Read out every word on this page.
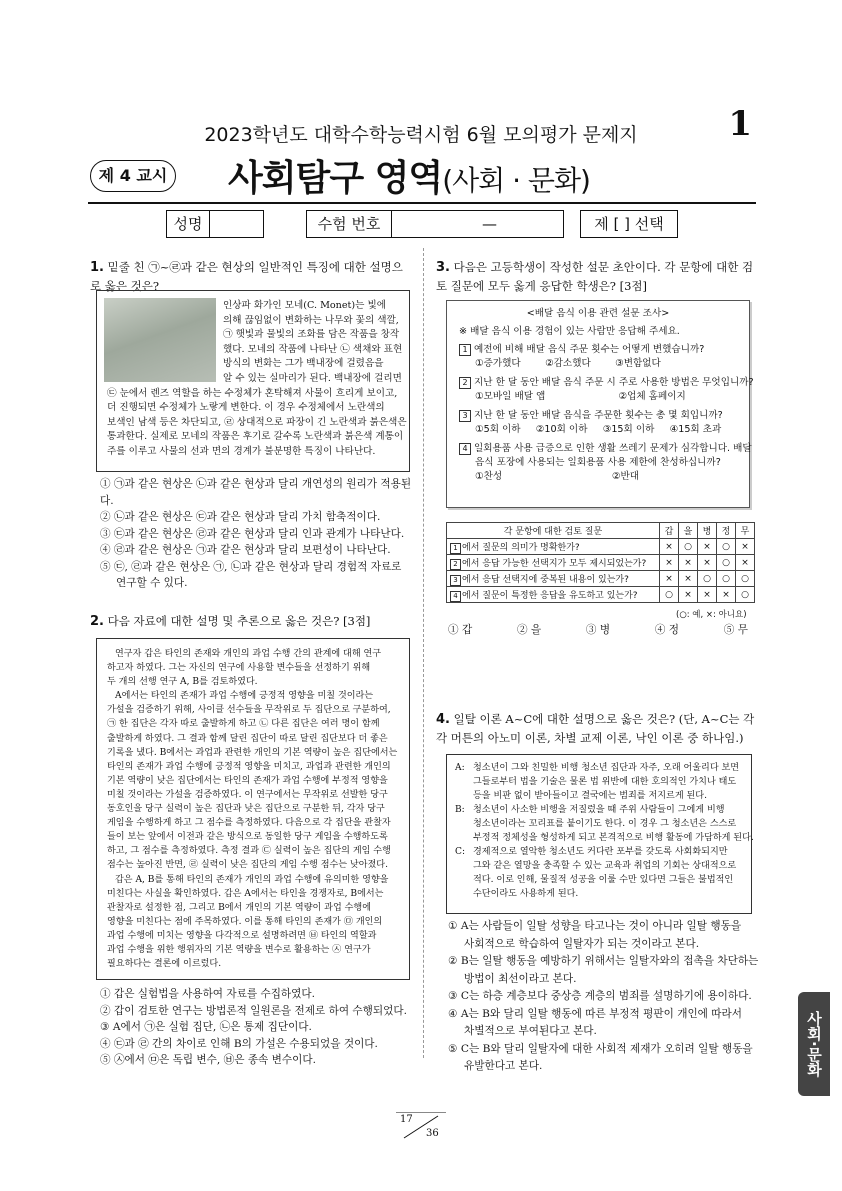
2023학년도 대학수학능력시험 6월 모의평가 문제지	1
제 4 교시 사회탐구 영역(사회 · 문화)
성명	수험 번호	—	제 [ ] 선택
1. 밑줄 친 ㉠~㉣과 같은 현상의 일반적인 특징에 대한 설명으로 옳은 것은?
인상파 화가인 모네(C. Monet)는 빛에
의해 끊임없이 변화하는 나무와 꽃의 색깔,
㉠ 햇빛과 물빛의 조화를 담은 작품을 창작
했다. 모네의 작품에 나타난 ㉡ 색채와 표현
방식의 변화는 그가 백내장에 걸렸음을
알 수 있는 실마리가 된다. 백내장에 걸리면
㉢ 눈에서 렌즈 역할을 하는 수정체가 혼탁해져 사물이 흐리게 보이고,
더 진행되면 수정체가 노랗게 변한다. 이 경우 수정체에서 노란색의
보색인 남색 등은 차단되고, ㉣ 상대적으로 파장이 긴 노란색과 붉은색은
통과한다. 실제로 모네의 작품은 후기로 갈수록 노란색과 붉은색 계통이
주를 이루고 사물의 선과 면의 경계가 불분명한 특징이 나타난다.
① ㉠과 같은 현상은 ㉡과 같은 현상과 달리 개연성의 원리가 적용된다.
② ㉡과 같은 현상은 ㉢과 같은 현상과 달리 가치 함축적이다.
③ ㉢과 같은 현상은 ㉣과 같은 현상과 달리 인과 관계가 나타난다.
④ ㉣과 같은 현상은 ㉠과 같은 현상과 달리 보편성이 나타난다.
⑤ ㉢, ㉣과 같은 현상은 ㉠, ㉡과 같은 현상과 달리 경험적 자료로
연구할 수 있다.
2. 다음 자료에 대한 설명 및 추론으로 옳은 것은? [3점]
연구자 갑은 타인의 존재와 개인의 과업 수행 간의 관계에 대해 연구
하고자 하였다. 그는 자신의 연구에 사용할 변수들을 선정하기 위해
두 개의 선행 연구 A, B를 검토하였다.
A에서는 타인의 존재가 과업 수행에 긍정적 영향을 미칠 것이라는
가설을 검증하기 위해, 사이클 선수들을 무작위로 두 집단으로 구분하여,
㉠ 한 집단은 각자 따로 출발하게 하고 ㉡ 다른 집단은 여러 명이 함께
출발하게 하였다. 그 결과 함께 달린 집단이 따로 달린 집단보다 더 좋은
기록을 냈다. B에서는 과업과 관련한 개인의 기본 역량이 높은 집단에서는
타인의 존재가 과업 수행에 긍정적 영향을 미치고, 과업과 관련한 개인의
기본 역량이 낮은 집단에서는 타인의 존재가 과업 수행에 부정적 영향을
미칠 것이라는 가설을 검증하였다. 이 연구에서는 무작위로 선발한 당구
동호인을 당구 실력이 높은 집단과 낮은 집단으로 구분한 뒤, 각자 당구
게임을 수행하게 하고 그 점수를 측정하였다. 다음으로 각 집단을 관찰자
들이 보는 앞에서 이전과 같은 방식으로 동일한 당구 게임을 수행하도록
하고, 그 점수를 측정하였다. 측정 결과 ㉢ 실력이 높은 집단의 게임 수행
점수는 높아진 반면, ㉣ 실력이 낮은 집단의 게임 수행 점수는 낮아졌다.
갑은 A, B를 통해 타인의 존재가 개인의 과업 수행에 유의미한 영향을
미친다는 사실을 확인하였다. 갑은 A에서는 타인을 경쟁자로, B에서는
관찰자로 설정한 점, 그리고 B에서 개인의 기본 역량이 과업 수행에
영향을 미친다는 점에 주목하였다. 이를 통해 타인의 존재가 ㉤ 개인의
과업 수행에 미치는 영향을 다각적으로 설명하려면 ㉥ 타인의 역할과
과업 수행을 위한 행위자의 기본 역량을 변수로 활용하는 ㉦ 연구가
필요하다는 결론에 이르렀다.
① 갑은 실험법을 사용하여 자료를 수집하였다.
② 갑이 검토한 연구는 방법론적 일원론을 전제로 하여 수행되었다.
③ A에서 ㉠은 실험 집단, ㉡은 통제 집단이다.
④ ㉢과 ㉣ 간의 차이로 인해 B의 가설은 수용되었을 것이다.
⑤ ㉦에서 ㉤은 독립 변수, ㉥은 종속 변수이다.
3. 다음은 고등학생이 작성한 설문 초안이다. 각 문항에 대한 검토 질문에 모두 옳게 응답한 학생은? [3점]
<배달 음식 이용 관련 설문 조사>
※ 배달 음식 이용 경험이 있는 사람만 응답해 주세요.
1 예전에 비해 배달 음식 주문 횟수는 어떻게 변했습니까?
①증가했다        ②감소했다        ③변함없다
2 지난 한 달 동안 배달 음식 주문 시 주로 사용한 방법은 무엇입니까?
①모바일 배달 앱                        ②업체 홈페이지
3 지난 한 달 동안 배달 음식을 주문한 횟수는 총 몇 회입니까?
①5회 이하     ②10회 이하     ③15회 이하     ④15회 초과
4 일회용품 사용 급증으로 인한 생활 쓰레기 문제가 심각합니다. 배달
음식 포장에 사용되는 일회용품 사용 제한에 찬성하십니까?
①찬성                                    ②반대
각 문항에 대한 검토 질문	갑	을	병	정	무
1 에서 질문의 의미가 명확한가?	×	○	×	○	×
2 에서 응답 가능한 선택지가 모두 제시되었는가?	×	×	×	○	×
3 에서 응답 선택지에 중복된 내용이 있는가?	×	×	○	○	○
4 에서 질문이 특정한 응답을 유도하고 있는가?	○	×	×	×	○
(○: 예, ×: 아니요)
① 갑	② 을	③ 병	④ 정	⑤ 무
4. 일탈 이론 A~C에 대한 설명으로 옳은 것은? (단, A~C는 각각 머튼의 아노미 이론, 차별 교제 이론, 낙인 이론 중 하나임.)
A: 청소년이 그와 친밀한 비행 청소년 집단과 자주, 오래 어울리다 보면
그들로부터 법을 기술은 물론 법 위반에 대한 호의적인 가치나 태도
등을 비판 없이 받아들이고 결국에는 범죄를 저지르게 된다.
B: 청소년이 사소한 비행을 저질렀을 때 주위 사람들이 그에게 비행
청소년이라는 꼬리표를 붙이기도 한다. 이 경우 그 청소년은 스스로
부정적 정체성을 형성하게 되고 본격적으로 비행 활동에 가담하게 된다.
C: 경제적으로 열악한 청소년도 커다란 포부를 갖도록 사회화되지만
그와 같은 열망을 충족할 수 있는 교육과 취업의 기회는 상대적으로
적다. 이로 인해, 물질적 성공을 이룰 수만 있다면 그들은 불법적인
수단이라도 사용하게 된다.
① A는 사람들이 일탈 성향을 타고나는 것이 아니라 일탈 행동을
사회적으로 학습하여 일탈자가 되는 것이라고 본다.
② B는 일탈 행동을 예방하기 위해서는 일탈자와의 접촉을 차단하는
방법이 최선이라고 본다.
③ C는 하층 계층보다 중상층 계층의 범죄를 설명하기에 용이하다.
④ A는 B와 달리 일탈 행동에 따른 부정적 평판이 개인에 따라서
차별적으로 부여된다고 본다.
⑤ C는 B와 달리 일탈자에 대한 사회적 제재가 오히려 일탈 행동을
유발한다고 본다.	사회·문화
17
36
